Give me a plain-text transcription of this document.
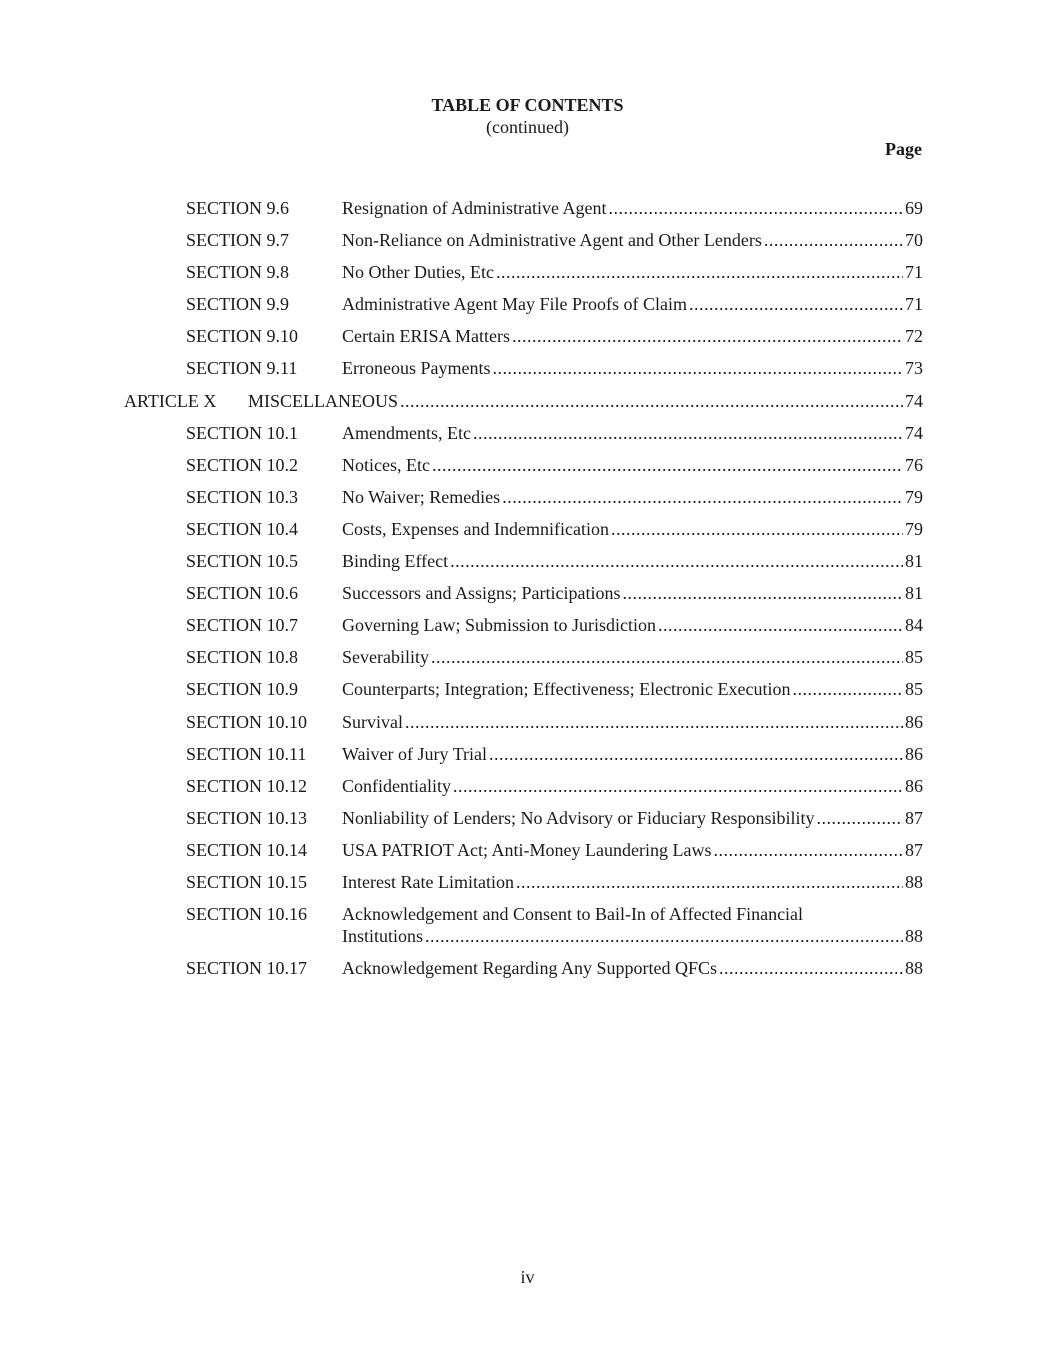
TABLE OF CONTENTS
(continued)
Page
SECTION 9.6	Resignation of Administrative Agent .....	69
SECTION 9.7	Non-Reliance on Administrative Agent and Other Lenders .....	70
SECTION 9.8	No Other Duties, Etc .....	71
SECTION 9.9	Administrative Agent May File Proofs of Claim .....	71
SECTION 9.10 Certain ERISA Matters .....	72
SECTION 9.11 Erroneous Payments .....	73
ARTICLE X MISCELLANEOUS .....	74
SECTION 10.1 Amendments, Etc .....	74
SECTION 10.2 Notices, Etc .....	76
SECTION 10.3 No Waiver; Remedies .....	79
SECTION 10.4 Costs, Expenses and Indemnification .....	79
SECTION 10.5 Binding Effect .....	81
SECTION 10.6 Successors and Assigns; Participations .....	81
SECTION 10.7 Governing Law; Submission to Jurisdiction .....	84
SECTION 10.8 Severability .....	85
SECTION 10.9 Counterparts; Integration; Effectiveness; Electronic Execution .....	85
SECTION 10.10 Survival .....	86
SECTION 10.11 Waiver of Jury Trial .....	86
SECTION 10.12 Confidentiality .....	86
SECTION 10.13 Nonliability of Lenders; No Advisory or Fiduciary Responsibility .....	87
SECTION 10.14 USA PATRIOT Act; Anti-Money Laundering Laws .....	87
SECTION 10.15 Interest Rate Limitation .....	88
SECTION 10.16 Acknowledgement and Consent to Bail-In of Affected Financial
Institutions .....	88
SECTION 10.17 Acknowledgement Regarding Any Supported QFCs .....	88
iv
